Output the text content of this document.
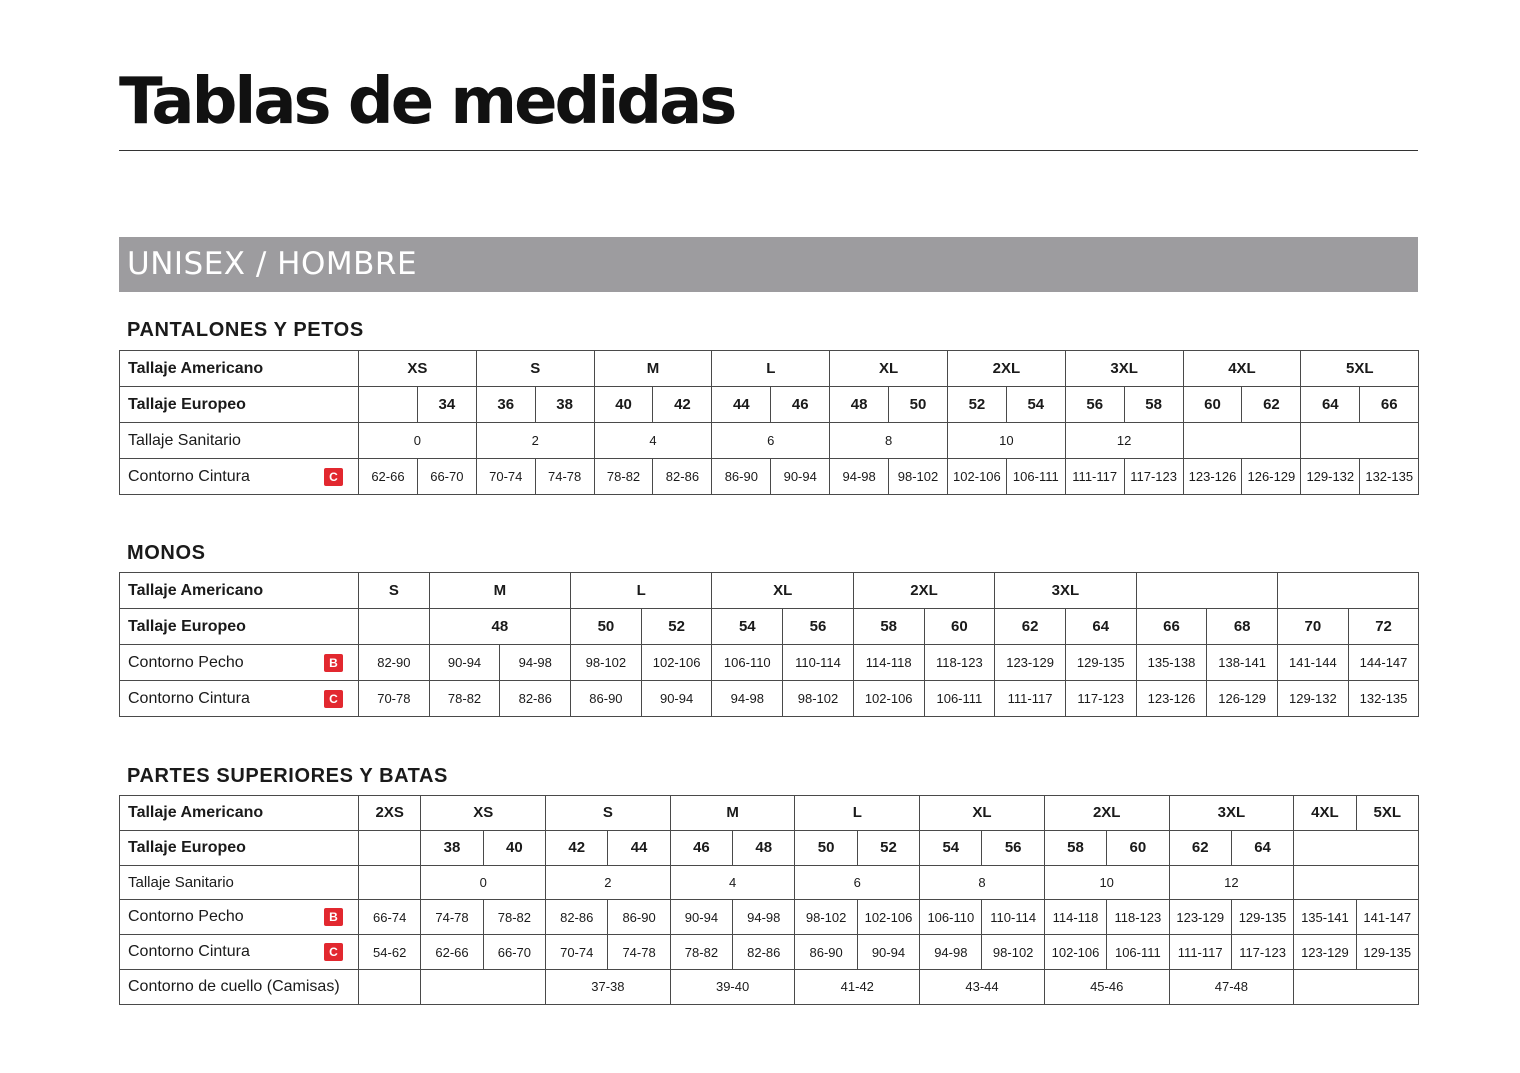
Tablas de medidas
UNISEX / HOMBRE
PANTALONES Y PETOS
Tallaje Americano	XS		S		M		L		XL		2XL		3XL		4XL		5XL	
Tallaje Europeo		34	36	38	40	42	44	46	48	50	52	54	56	58	60	62	64	66
Tallaje Sanitario	0		2		4		6		8		10		12					
Contorno Cintura C	62-66	66-70	70-74	74-78	78-82	82-86	86-90	90-94	94-98	98-102	102-106	106-111	111-117	117-123	123-126	126-129	129-132	132-135
MONOS
Tallaje Americano	S	M		L		XL		2XL		3XL					
Tallaje Europeo		48		50	52	54	56	58	60	62	64	66	68	70	72
Contorno Pecho B	82-90	90-94	94-98	98-102	102-106	106-110	110-114	114-118	118-123	123-129	129-135	135-138	138-141	141-144	144-147
Contorno Cintura C	70-78	78-82	82-86	86-90	90-94	94-98	98-102	102-106	106-111	111-117	117-123	123-126	126-129	129-132	132-135
PARTES SUPERIORES Y BATAS
Tallaje Americano	2XS	XS		S		M		L		XL		2XL		3XL		4XL	5XL
Tallaje Europeo		38	40	42	44	46	48	50	52	54	56	58	60	62	64		
Tallaje Sanitario		0		2		4		6		8		10		12			
Contorno Pecho B	66-74	74-78	78-82	82-86	86-90	90-94	94-98	98-102	102-106	106-110	110-114	114-118	118-123	123-129	129-135	135-141	141-147
Contorno Cintura C	54-62	62-66	66-70	70-74	74-78	78-82	82-86	86-90	90-94	94-98	98-102	102-106	106-111	111-117	117-123	123-129	129-135
Contorno de cuello (Camisas)				37-38		39-40		41-42		43-44		45-46		47-48			
